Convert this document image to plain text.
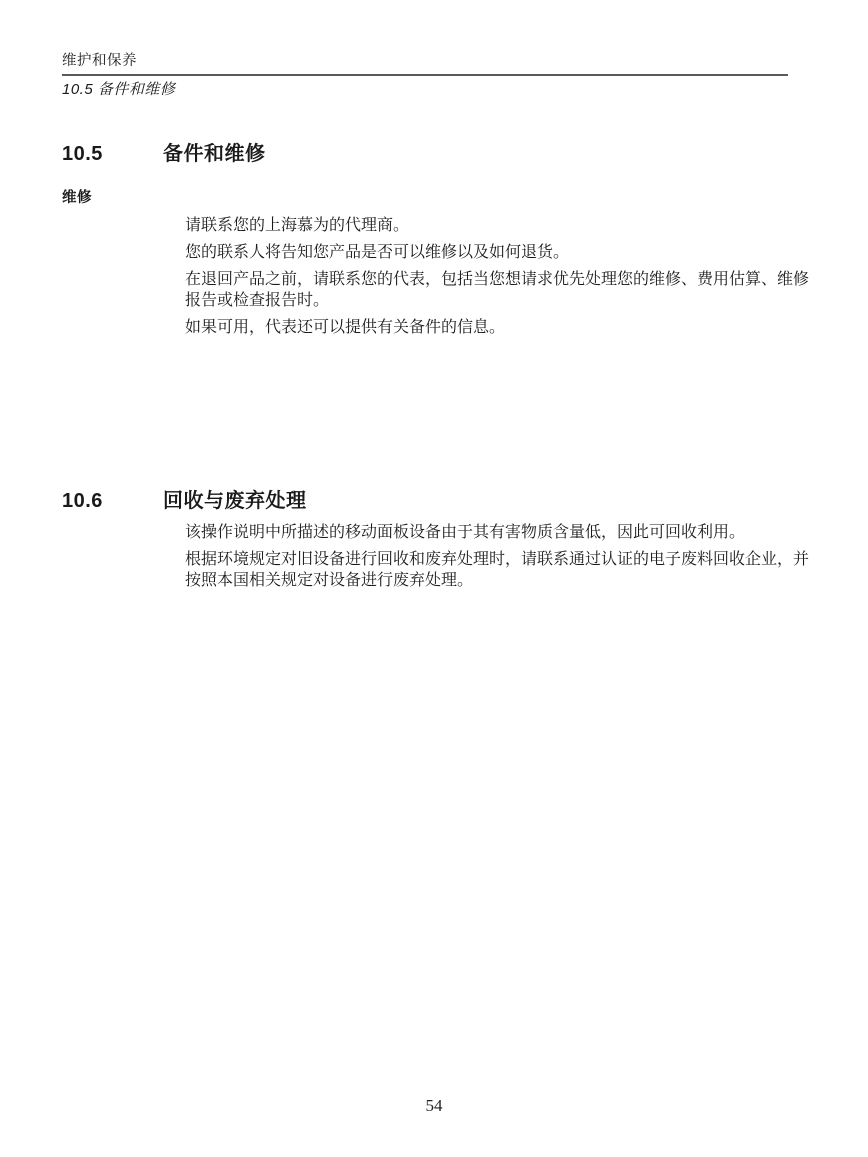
维护和保养
10.5 备件和维修
10.5	备件和维修
维修

请联系您的上海慕为的代理商。

您的联系人将告知您产品是否可以维修以及如何退货。

在退回产品之前，请联系您的代表，包括当您想请求优先处理您的维修、费用估算、维修报告或检查报告时。

如果可用，代表还可以提供有关备件的信息。

10.6	回收与废弃处理

该操作说明中所描述的移动面板设备由于其有害物质含量低，因此可回收利用。

根据环境规定对旧设备进行回收和废弃处理时，请联系通过认证的电子废料回收企业，并按照本国相关规定对设备进行废弃处理。

54
